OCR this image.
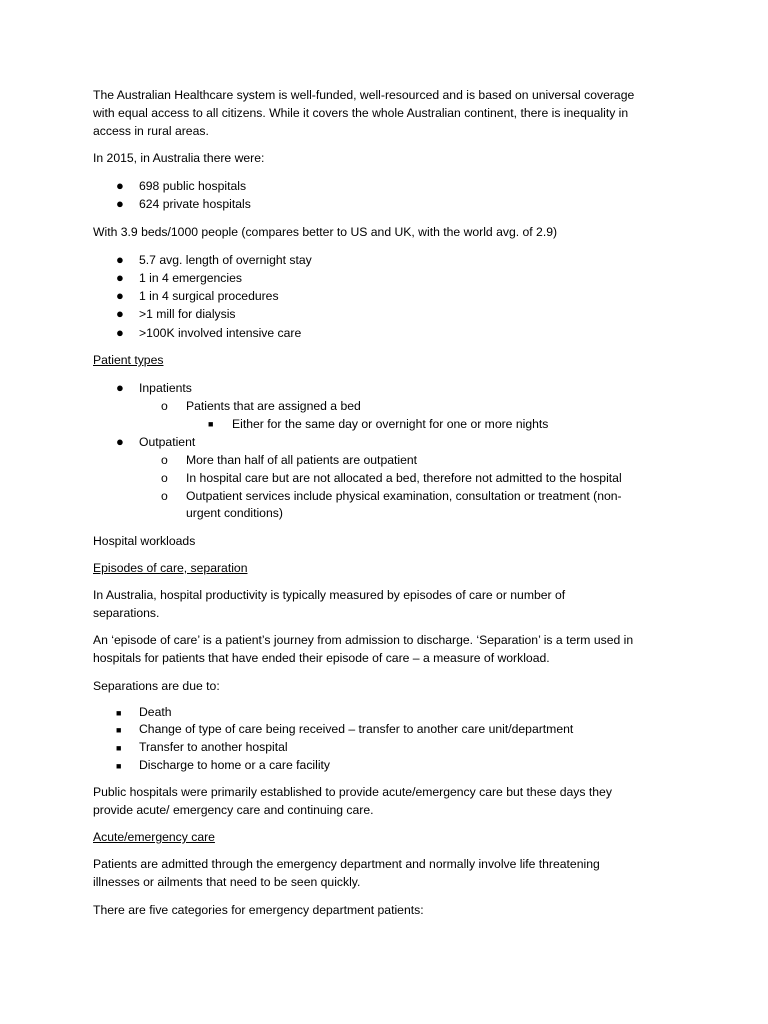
The Australian Healthcare system is well-funded, well-resourced and is based on universal coverage
with equal access to all citizens. While it covers the whole Australian continent, there is inequality in
access in rural areas.
In 2015, in Australia there were:
● 698 public hospitals
● 624 private hospitals
With 3.9 beds/1000 people (compares better to US and UK, with the world avg. of 2.9)
● 5.7 avg. length of overnight stay
● 1 in 4 emergencies
● 1 in 4 surgical procedures
● >1 mill for dialysis
● >100K involved intensive care
Patient types
● Inpatients
o Patients that are assigned a bed
■ Either for the same day or overnight for one or more nights
● Outpatient
o More than half of all patients are outpatient
o In hospital care but are not allocated a bed, therefore not admitted to the hospital
o Outpatient services include physical examination, consultation or treatment (non-
urgent conditions)
Hospital workloads
Episodes of care, separation
In Australia, hospital productivity is typically measured by episodes of care or number of
separations.
An ‘episode of care’ is a patient’s journey from admission to discharge. ‘Separation’ is a term used in
hospitals for patients that have ended their episode of care – a measure of workload.
Separations are due to:
■ Death
■ Change of type of care being received – transfer to another care unit/department
■ Transfer to another hospital
■ Discharge to home or a care facility
Public hospitals were primarily established to provide acute/emergency care but these days they
provide acute/ emergency care and continuing care.
Acute/emergency care
Patients are admitted through the emergency department and normally involve life threatening
illnesses or ailments that need to be seen quickly.
There are five categories for emergency department patients:
